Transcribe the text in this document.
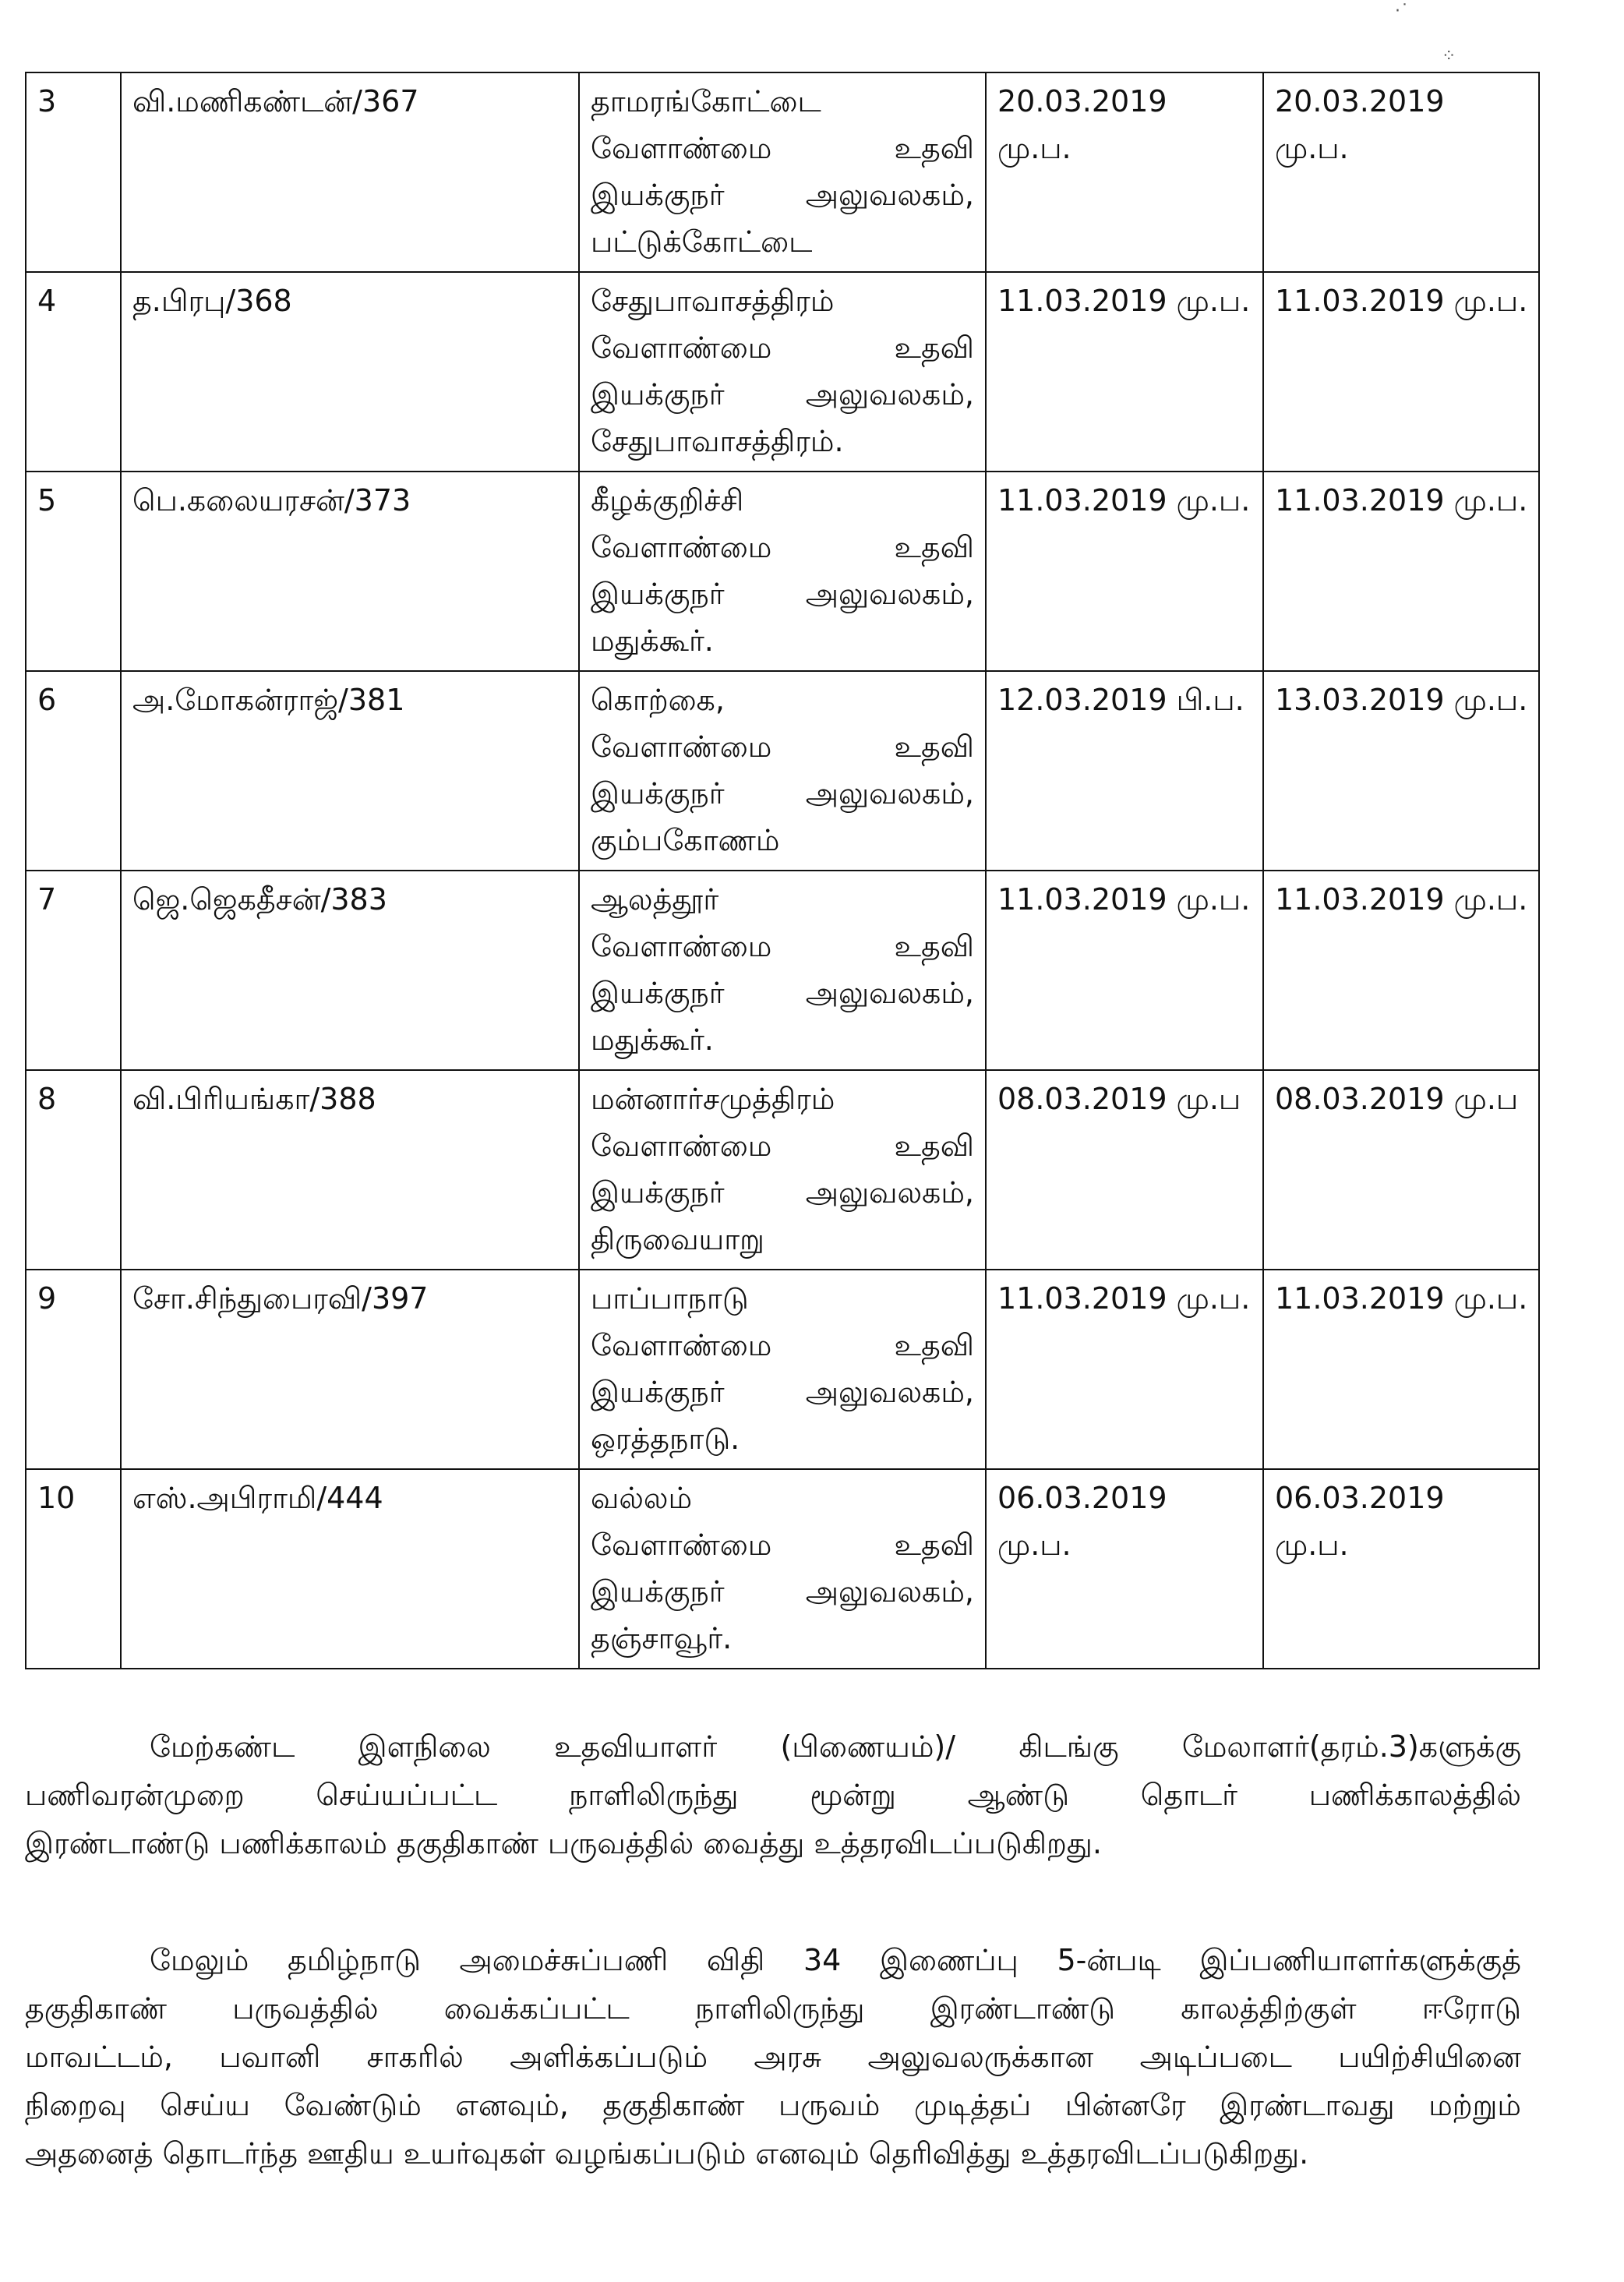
·˙
⁘
3	வி.மணிகண்டன்/367	தாமரங்கோட்டை
வேளாண்மை உதவி
இயக்குநர் அலுவலகம்,
பட்டுக்கோட்டை	20.03.2019
மு.ப.	20.03.2019
மு.ப.

4	த.பிரபு/368	சேதுபாவாசத்திரம்
வேளாண்மை உதவி
இயக்குநர் அலுவலகம்,
சேதுபாவாசத்திரம்.	11.03.2019 மு.ப.	11.03.2019 மு.ப.

5	பெ.கலையரசன்/373	கீழக்குறிச்சி
வேளாண்மை உதவி
இயக்குநர் அலுவலகம்,
மதுக்கூர்.	11.03.2019 மு.ப.	11.03.2019 மு.ப.

6	அ.மோகன்ராஜ்/381	கொற்கை,
வேளாண்மை உதவி
இயக்குநர் அலுவலகம்,
கும்பகோணம்	12.03.2019 பி.ப.	13.03.2019 மு.ப.

7	ஜெ.ஜெகதீசன்/383	ஆலத்தூர்
வேளாண்மை உதவி
இயக்குநர் அலுவலகம்,
மதுக்கூர்.	11.03.2019 மு.ப.	11.03.2019 மு.ப.

8	வி.பிரியங்கா/388	மன்னார்சமுத்திரம்
வேளாண்மை உதவி
இயக்குநர் அலுவலகம்,
திருவையாறு	08.03.2019 மு.ப	08.03.2019 மு.ப

9	சோ.சிந்துபைரவி/397	பாப்பாநாடு
வேளாண்மை உதவி
இயக்குநர் அலுவலகம்,
ஒரத்தநாடு.	11.03.2019 மு.ப.	11.03.2019 மு.ப.

10	எஸ்.அபிராமி/444	வல்லம்
வேளாண்மை உதவி
இயக்குநர் அலுவலகம்,
தஞ்சாவூர்.	06.03.2019
மு.ப.	06.03.2019
மு.ப.
மேற்கண்ட இளநிலை உதவியாளர் (பிணையம்)/ கிடங்கு மேலாளர்(தரம்.3)களுக்கு
பணிவரன்முறை செய்யப்பட்ட நாளிலிருந்து மூன்று ஆண்டு தொடர் பணிக்காலத்தில்
இரண்டாண்டு பணிக்காலம் தகுதிகாண் பருவத்தில் வைத்து உத்தரவிடப்படுகிறது.
மேலும் தமிழ்நாடு அமைச்சுப்பணி விதி 34 இணைப்பு 5-ன்படி இப்பணியாளர்களுக்குத்
தகுதிகாண் பருவத்தில் வைக்கப்பட்ட நாளிலிருந்து இரண்டாண்டு காலத்திற்குள் ஈரோடு
மாவட்டம், பவானி சாகரில் அளிக்கப்படும் அரசு அலுவலருக்கான அடிப்படை பயிற்சியினை
நிறைவு செய்ய வேண்டும் எனவும், தகுதிகாண் பருவம் முடித்தப் பின்னரே இரண்டாவது மற்றும்
அதனைத் தொடர்ந்த ஊதிய உயர்வுகள் வழங்கப்படும் எனவும் தெரிவித்து உத்தரவிடப்படுகிறது.
